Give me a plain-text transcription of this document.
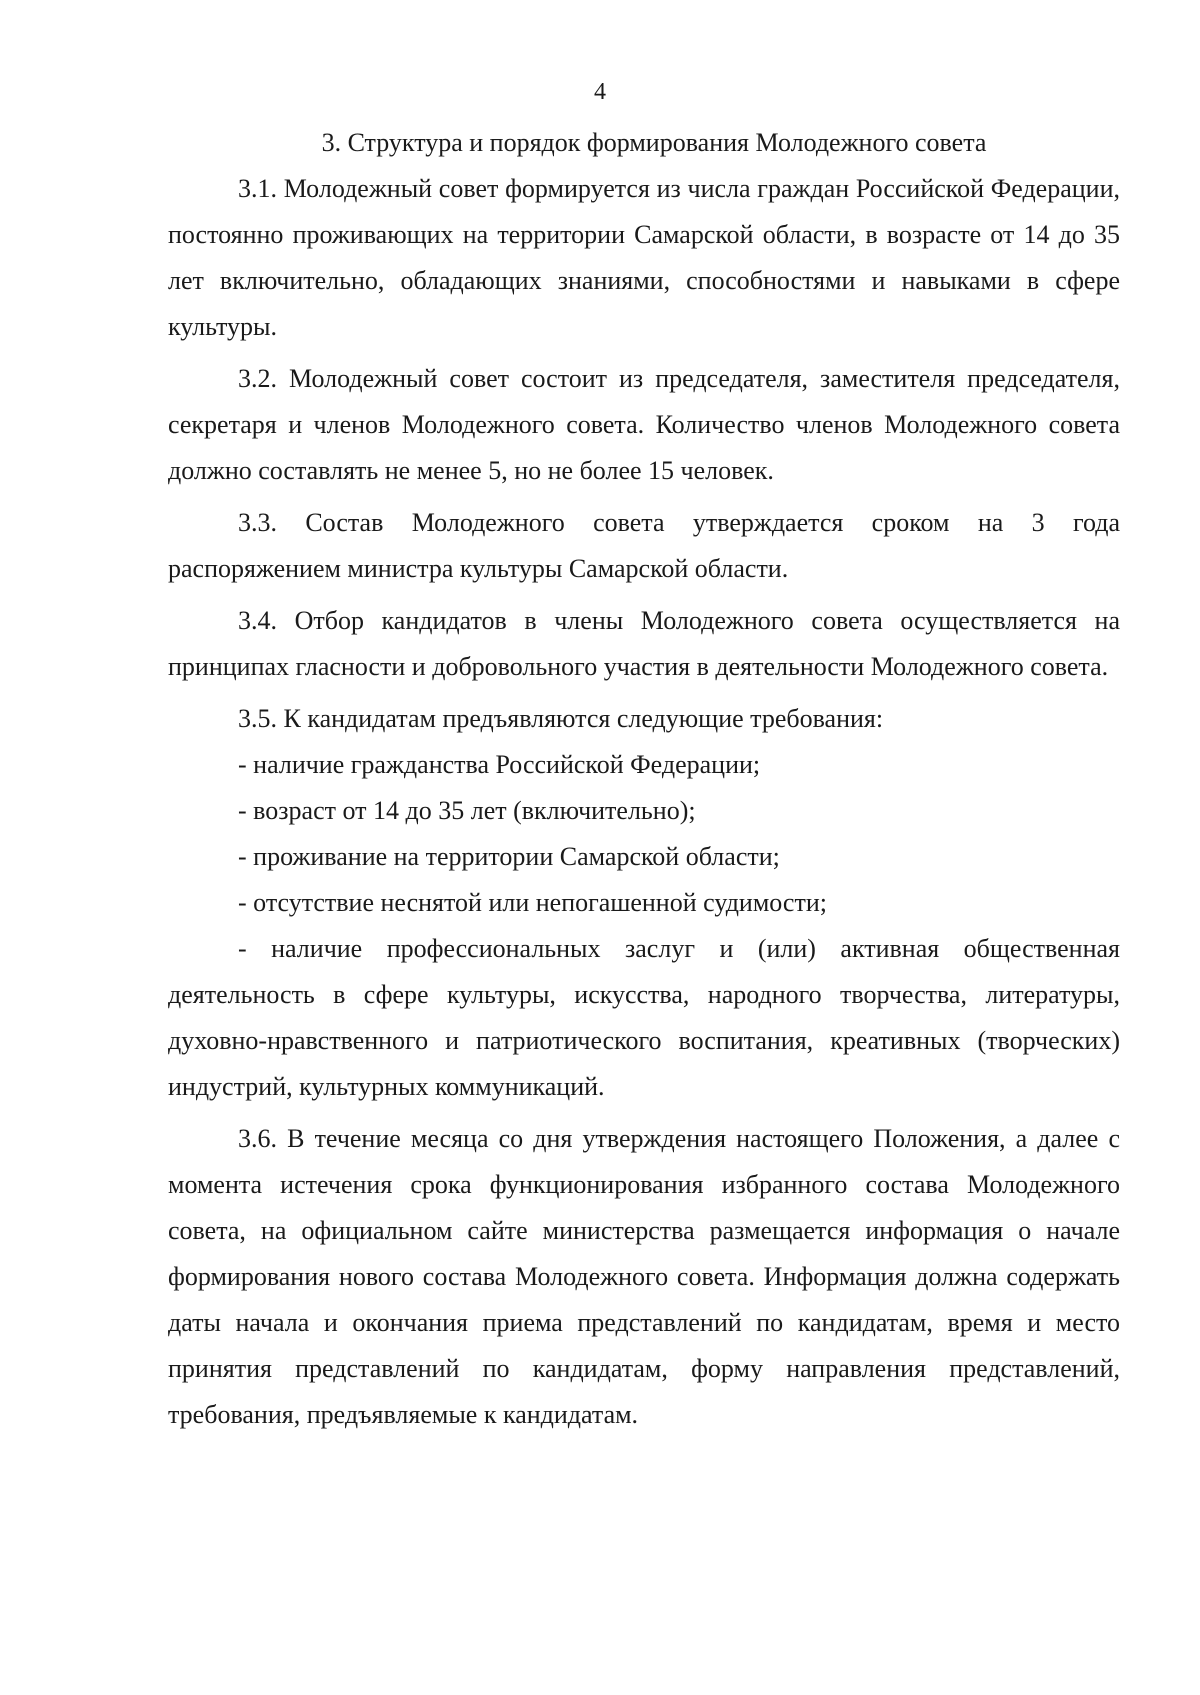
4
3. Структура и порядок формирования Молодежного совета

3.1. Молодежный совет формируется из числа граждан Российской Федерации, постоянно проживающих на территории Самарской области, в возрасте от 14 до 35 лет включительно, обладающих знаниями, способностями и навыками в сфере культуры.

3.2. Молодежный совет состоит из председателя, заместителя председателя, секретаря и членов Молодежного совета. Количество членов Молодежного совета должно составлять не менее 5, но не более 15 человек.

3.3. Состав Молодежного совета утверждается сроком на 3 года распоряжением министра культуры Самарской области.

3.4. Отбор кандидатов в члены Молодежного совета осуществляется на принципах гласности и добровольного участия в деятельности Молодежного совета.

3.5. К кандидатам предъявляются следующие требования:

- наличие гражданства Российской Федерации;

- возраст от 14 до 35 лет (включительно);

- проживание на территории Самарской области;

- отсутствие неснятой или непогашенной судимости;

- наличие профессиональных заслуг и (или) активная общественная деятельность в сфере культуры, искусства, народного творчества, литературы, духовно-нравственного и патриотического воспитания, креативных (творческих) индустрий, культурных коммуникаций.

3.6. В течение месяца со дня утверждения настоящего Положения, а далее с момента истечения срока функционирования избранного состава Молодежного совета, на официальном сайте министерства размещается информация о начале формирования нового состава Молодежного совета. Информация должна содержать даты начала и окончания приема представлений по кандидатам, время и место принятия представлений по кандидатам, форму направления представлений, требования, предъявляемые к кандидатам.
